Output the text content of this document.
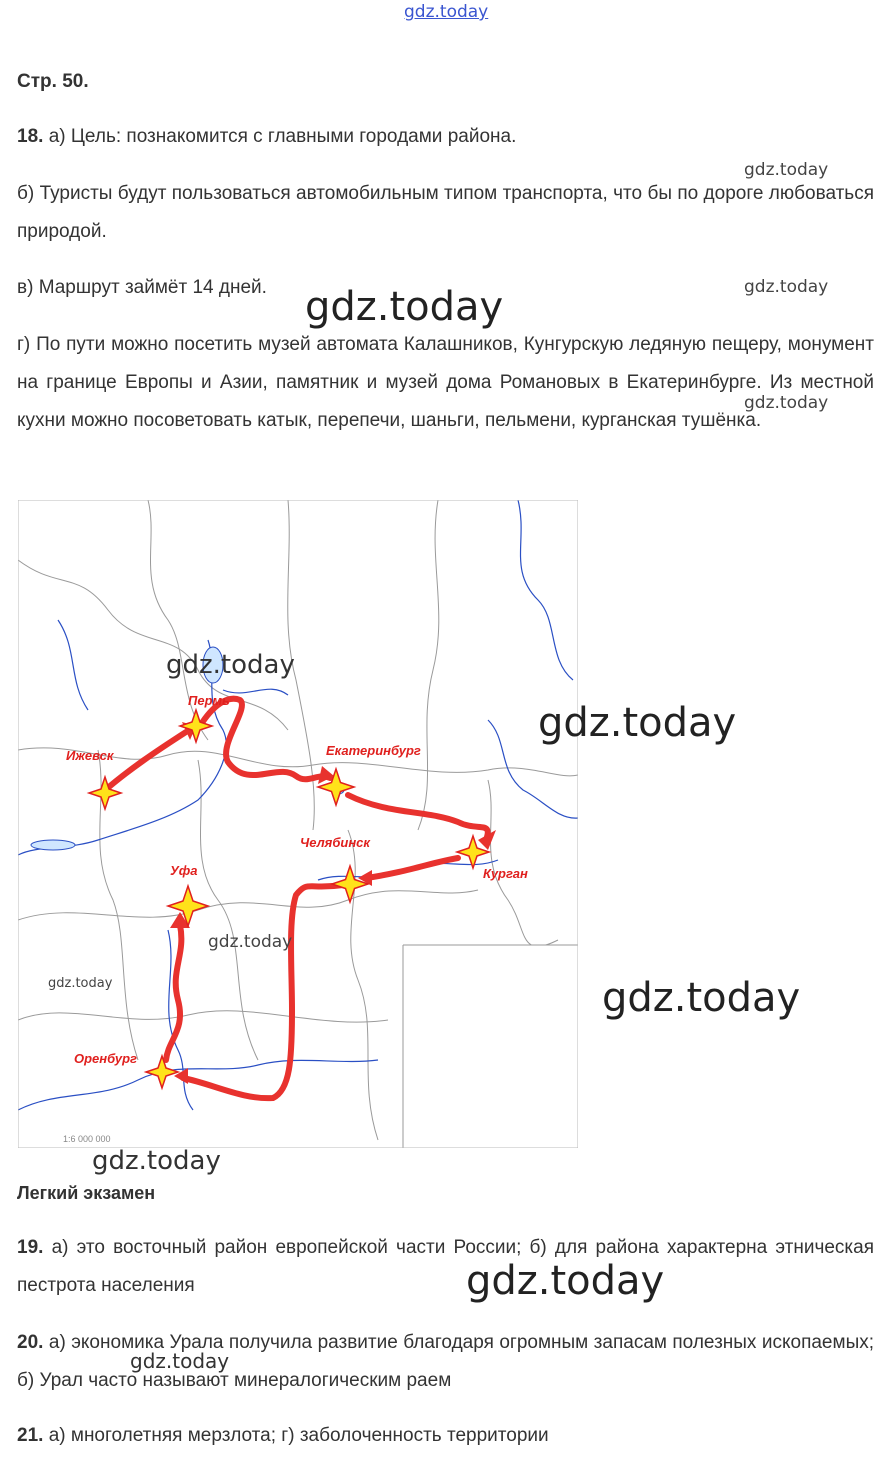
gdz.today
gdz.today
gdz.today
gdz.today
gdz.today
Стр. 50.
18. а) Цель: познакомится с главными городами района.
б) Туристы будут пользоваться автомобильным типом транспорта, что бы по дороге любоваться природой.
в) Маршрут займёт 14 дней.
г) По пути можно посетить музей автомата Калашников, Кунгурскую ледяную пещеру, монумент на границе Европы и Азии, памятник и музей дома Романовых в Екатеринбурге. Из местной кухни можно посоветовать катык, перепечи, шаньги, пельмени, курганская тушёнка.
1:6 000 000
Ижевск
Пермь
Екатеринбург
Челябинск
Курган
Уфа
Оренбург
gdz.today
gdz.today
gdz.today
gdz.today	gdz.today
gdz.today
Легкий экзамен
19. а) это восточный район европейской части России; б) для района характерна этническая пестрота населения	gdz.today
20. а) экономика Урала получила развитие благодаря огромным запасам полезных ископаемых; б) Урал часто называют минералогическим раем
gdz.today
21. а) многолетняя мерзлота; г) заболоченность территории
